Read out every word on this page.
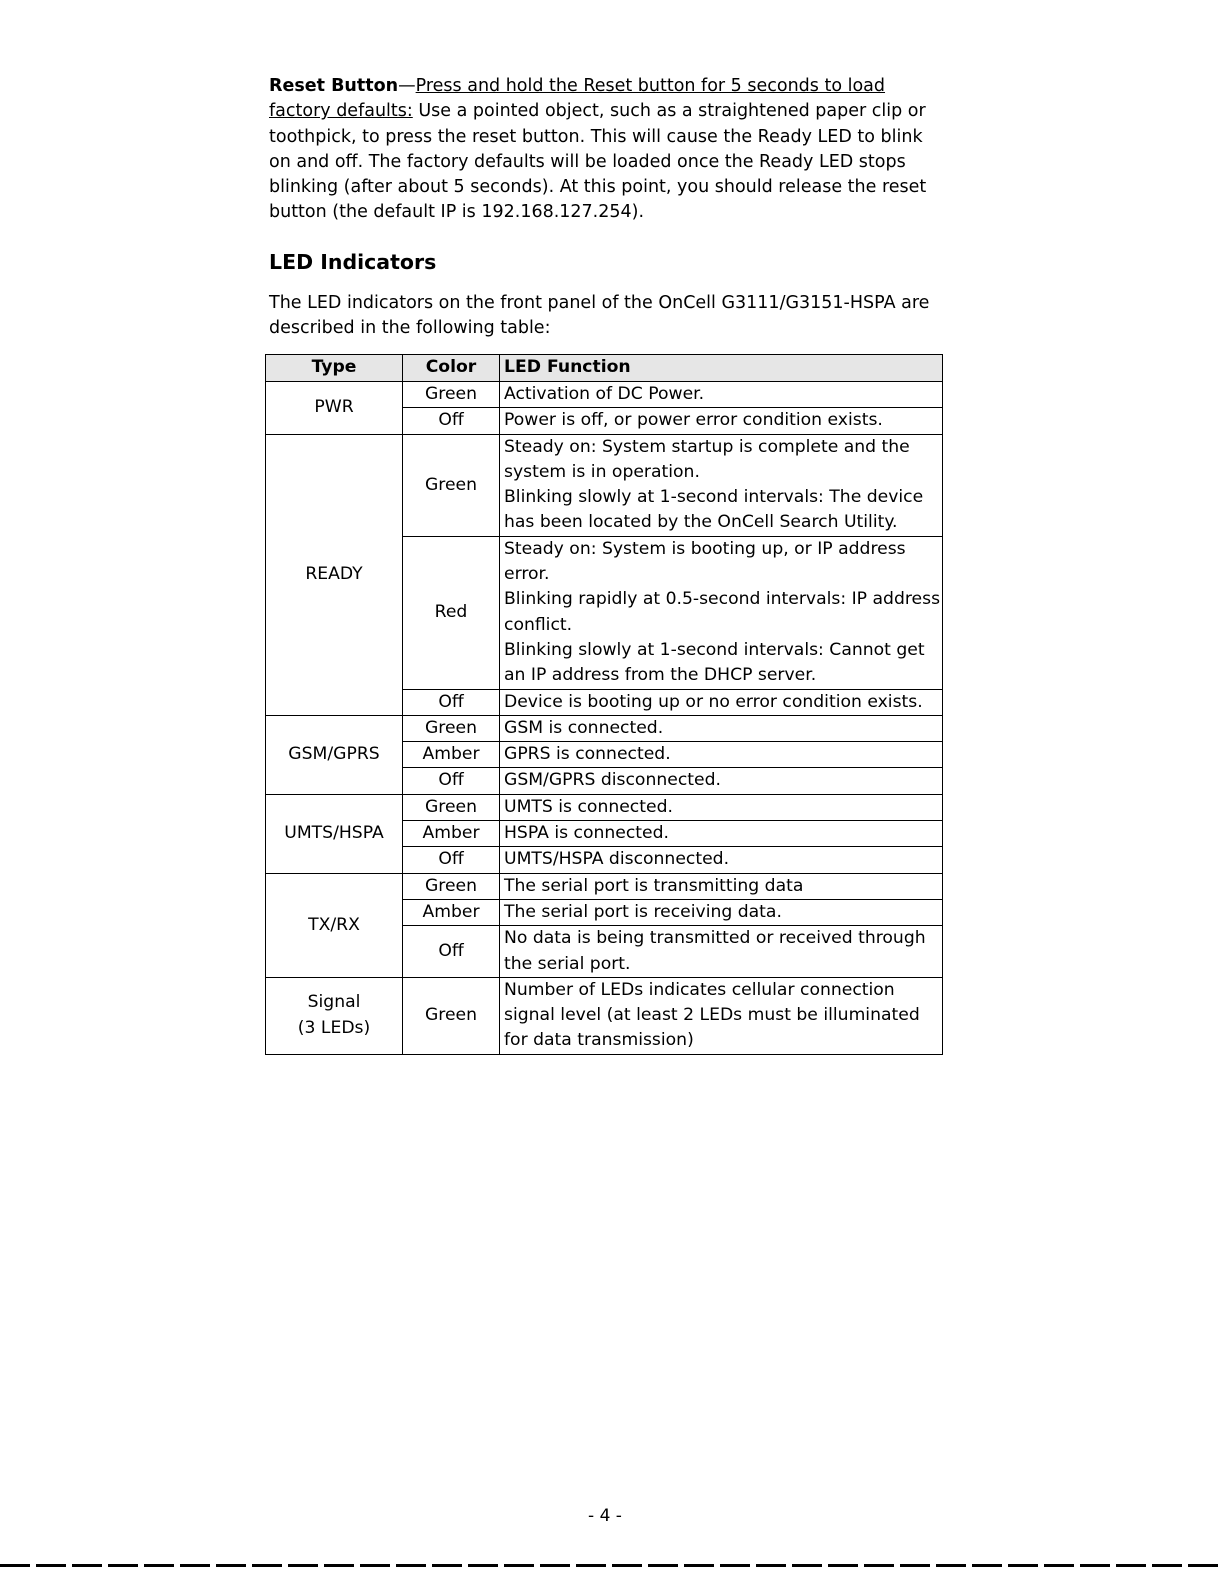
Reset Button—Press and hold the Reset button for 5 seconds to load factory defaults: Use a pointed object, such as a straightened paper clip or toothpick, to press the reset button. This will cause the Ready LED to blink on and off. The factory defaults will be loaded once the Ready LED stops blinking (after about 5 seconds). At this point, you should release the reset button (the default IP is 192.168.127.254).

LED Indicators

The LED indicators on the front panel of the OnCell G3111/G3151-HSPA are described in the following table:

Type	Color	LED Function
PWR	Green	Activation of DC Power.
	Off	Power is off, or power error condition exists.
READY	Green	Steady on: System startup is complete and the system is in operation.
Blinking slowly at 1-second intervals: The device has been located by the OnCell Search Utility.
	Red	Steady on: System is booting up, or IP address error.
Blinking rapidly at 0.5-second intervals: IP address conflict.
Blinking slowly at 1-second intervals: Cannot get an IP address from the DHCP server.
	Off	Device is booting up or no error condition exists.
GSM/GPRS	Green	GSM is connected.
	Amber	GPRS is connected.
	Off	GSM/GPRS disconnected.
UMTS/HSPA	Green	UMTS is connected.
	Amber	HSPA is connected.
	Off	UMTS/HSPA disconnected.
TX/RX	Green	The serial port is transmitting data
	Amber	The serial port is receiving data.
	Off	No data is being transmitted or received through the serial port.
Signal
(3 LEDs)	Green	Number of LEDs indicates cellular connection signal level (at least 2 LEDs must be illuminated for data transmission)
- 4 -
